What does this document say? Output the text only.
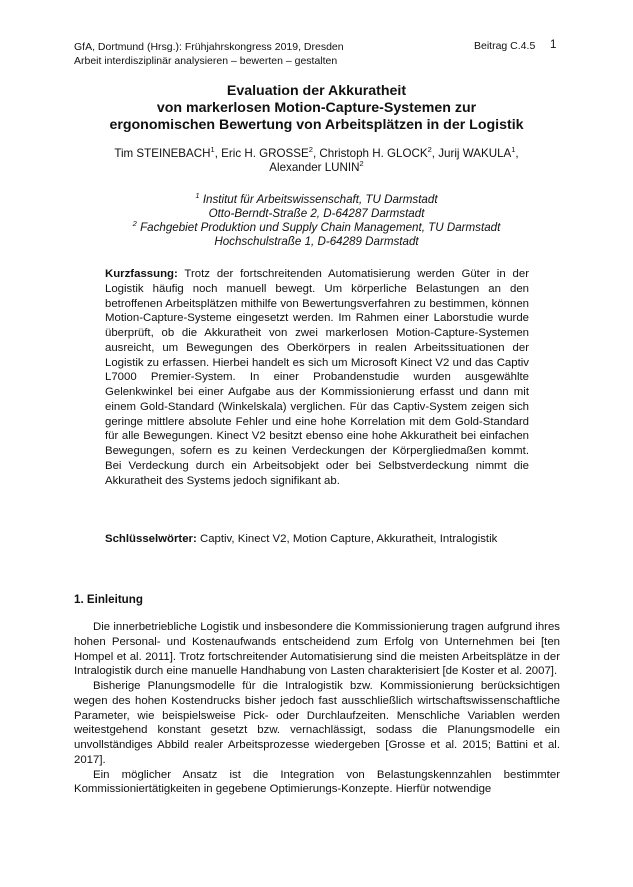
GfA, Dortmund (Hrsg.): Frühjahrskongress 2019, Dresden
Arbeit interdisziplinär analysieren – bewerten – gestalten
Beitrag C.4.5 1
Evaluation der Akkuratheit
von markerlosen Motion-Capture-Systemen zur
ergonomischen Bewertung von Arbeitsplätzen in der Logistik
Tim STEINEBACH$^1$, Eric H. GROSSE$^2$, Christoph H. GLOCK$^2$, Jurij WAKULA$^1$,
Alexander LUNIN$^2$
$^1$ Institut für Arbeitswissenschaft, TU Darmstadt
Otto-Berndt-Straße 2, D-64287 Darmstadt
$^2$ Fachgebiet Produktion und Supply Chain Management, TU Darmstadt
Hochschulstraße 1, D-64289 Darmstadt
Kurzfassung: Trotz der fortschreitenden Automatisierung werden Güter in der Logistik häufig noch manuell bewegt. Um körperliche Belastungen an den betroffenen Arbeitsplätzen mithilfe von Bewertungsverfahren zu bestimmen, können Motion-Capture-Systeme eingesetzt werden. Im Rahmen einer Laborstudie wurde überprüft, ob die Akkuratheit von zwei markerlosen Motion-Capture-Systemen ausreicht, um Bewegungen des Oberkörpers in realen Arbeitssituationen der Logistik zu erfassen. Hierbei handelt es sich um Microsoft Kinect V2 und das Captiv L7000 Premier-System. In einer Probandenstudie wurden ausgewählte Gelenkwinkel bei einer Aufgabe aus der Kommissionierung erfasst und dann mit einem Gold-Standard (Winkelskala) verglichen. Für das Captiv-System zeigen sich geringe mittlere absolute Fehler und eine hohe Korrelation mit dem Gold-Standard für alle Bewegungen. Kinect V2 besitzt ebenso eine hohe Akkuratheit bei einfachen Bewegungen, sofern es zu keinen Verdeckungen der Körpergliedmaßen kommt. Bei Verdeckung durch ein Arbeitsobjekt oder bei Selbstverdeckung nimmt die Akkuratheit des Systems jedoch signifikant ab.
Schlüsselwörter: Captiv, Kinect V2, Motion Capture, Akkuratheit, Intralogistik
1. Einleitung

Die innerbetriebliche Logistik und insbesondere die Kommissionierung tragen aufgrund ihres hohen Personal- und Kostenaufwands entscheidend zum Erfolg von Unternehmen bei [ten Hompel et al. 2011]. Trotz fortschreitender Automatisierung sind die meisten Arbeitsplätze in der Intralogistik durch eine manuelle Handhabung von Lasten charakterisiert [de Koster et al. 2007].

Bisherige Planungsmodelle für die Intralogistik bzw. Kommissionierung berücksichtigen wegen des hohen Kostendrucks bisher jedoch fast ausschließlich wirtschaftswissenschaftliche Parameter, wie beispielsweise Pick- oder Durchlaufzeiten. Menschliche Variablen werden weitestgehend konstant gesetzt bzw. vernachlässigt, sodass die Planungsmodelle ein unvollständiges Abbild realer Arbeitsprozesse wiedergeben [Grosse et al. 2015; Battini et al. 2017].

Ein möglicher Ansatz ist die Integration von Belastungskennzahlen bestimmter Kommissioniertätigkeiten in gegebene Optimierungs-Konzepte. Hierfür notwendige
